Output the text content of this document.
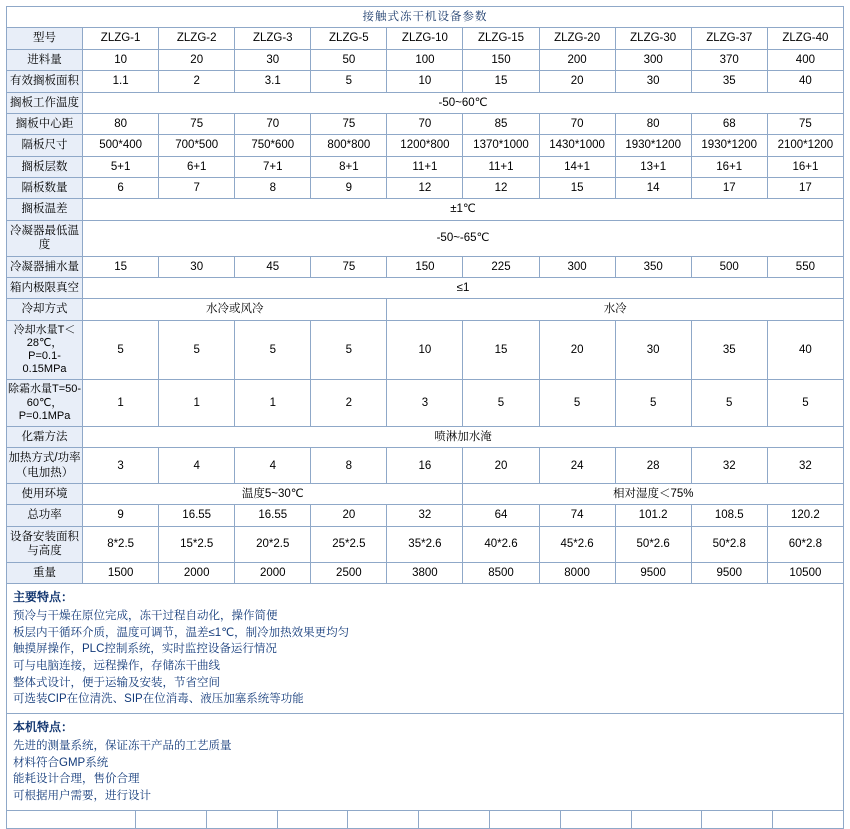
接触式冻干机设备参数										
型号	ZLZG-1	ZLZG-2	ZLZG-3	ZLZG-5	ZLZG-10	ZLZG-15	ZLZG-20	ZLZG-30	ZLZG-37	ZLZG-40
进料量	10	20	30	50	100	150	200	300	370	400
有效搁板面积	1.1	2	3.1	5	10	15	20	30	35	40
搁板工作温度	-50~60℃									
搁板中心距	80	75	70	75	70	85	70	80	68	75
隔板尺寸	500*400	700*500	750*600	800*800	1200*800	1370*1000	1430*1000	1930*1200	1930*1200	2100*1200
搁板层数	5+1	6+1	7+1	8+1	11+1	11+1	14+1	13+1	16+1	16+1
隔板数量	6	7	8	9	12	12	15	14	17	17
搁板温差	±1℃									
冷凝器最低温度	-50~-65℃									
冷凝器捕水量	15	30	45	75	150	225	300	350	500	550
箱内极限真空	≤1									
冷却方式	水冷或风冷				水冷					
冷却水量T＜28℃，
P=0.1-0.15MPa	5	5	5	5	10	15	20	30	35	40
除霜水量T=50-60℃，
P=0.1MPa	1	1	1	2	3	5	5	5	5	5
化霜方法	喷淋加水淹									
加热方式/功率（电加热）	3	4	4	8	16	20	24	28	32	32
使用环境	温度5~30℃					相对湿度＜75%				
总功率	9	16.55	16.55	20	32	64	74	101.2	108.5	120.2
设备安装面积与高度	8*2.5	15*2.5	20*2.5	25*2.5	35*2.6	40*2.6	45*2.6	50*2.6	50*2.8	60*2.8
重量	1500	2000	2000	2500	3800	8500	8000	9500	9500	10500
主要特点：
预冷与干燥在原位完成，冻干过程自动化，操作简便
板层内干循环介质，温度可调节，温差≤1℃，制冷加热效果更均匀
触摸屏操作，PLC控制系统，实时监控设备运行情况
可与电脑连接，远程操作，存储冻干曲线
整体式设计，便于运输及安装，节省空间
可选装CIP在位清洗、SIP在位消毒、液压加塞系统等功能
本机特点：
先进的测量系统，保证冻干产品的工艺质量
材料符合GMP系统
能耗设计合理，售价合理
可根据用户需要，进行设计
